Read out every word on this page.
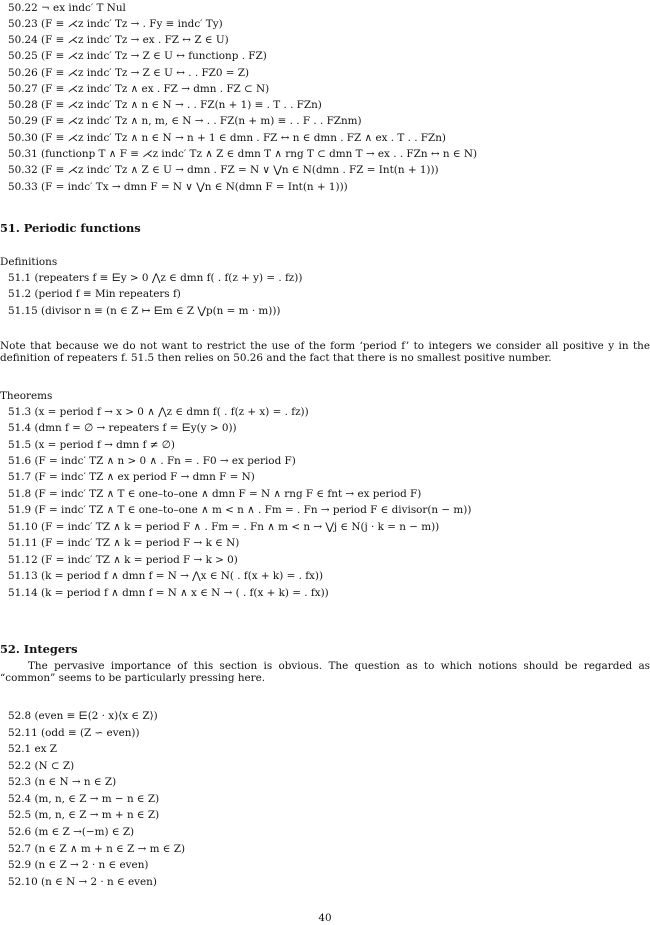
50.22 ¬ ex indc′ T Nul
50.23 (F ≡ ⋌z indc′ Tz → . Fy ≡ indc′ Ty)
50.24 (F ≡ ⋌z indc′ Tz → ex . FZ ↔ Z ∈ U)
50.25 (F ≡ ⋌z indc′ Tz → Z ∈ U ↔ functionp . FZ)
50.26 (F ≡ ⋌z indc′ Tz → Z ∈ U ↔ . . FZ0 = Z)
50.27 (F ≡ ⋌z indc′ Tz ∧ ex . FZ → dmn . FZ ⊂ N)
50.28 (F ≡ ⋌z indc′ Tz ∧ n ∈ N → . . FZ(n + 1) ≡ . T . . FZn)
50.29 (F ≡ ⋌z indc′ Tz ∧ n, m, ∈ N → . . FZ(n + m) ≡ . . F . . FZnm)
50.30 (F ≡ ⋌z indc′ Tz ∧ n ∈ N → n + 1 ∈ dmn . FZ ↔ n ∈ dmn . FZ ∧ ex . T . . FZn)
50.31 (functionp T ∧ F ≡ ⋌z indc′ Tz ∧ Z ∈ dmn T ∧ rng T ⊂ dmn T → ex . . FZn ↔ n ∈ N)
50.32 (F ≡ ⋌z indc′ Tz ∧ Z ∈ U → dmn . FZ = N ∨ ⋁n ∈ N(dmn . FZ = Int(n + 1)))
50.33 (F = indc′ Tx → dmn F = N ∨ ⋁n ∈ N(dmn F = Int(n + 1)))
51. Periodic functions
Definitions
51.1 (repeaters f ≡ ⋿y > 0 ⋀z ∈ dmn f( . f(z + y) = . fz))
51.2 (period f ≡ Min repeaters f)
51.15 (divisor n ≡ (n ∈ Z ↦ ⋿m ∈ Z ⋁p(n = m · m)))
Note that because we do not want to restrict the use of the form ‘period f’ to integers we consider all positive y in the definition of repeaters f. 51.5 then relies on 50.26 and the fact that there is no smallest positive number.
Theorems
51.3 (x = period f → x > 0 ∧ ⋀z ∈ dmn f( . f(z + x) = . fz))
51.4 (dmn f = ∅ → repeaters f = ⋿y(y > 0))
51.5 (x = period f → dmn f ≠ ∅)
51.6 (F = indc′ TZ ∧ n > 0 ∧ . Fn = . F0 → ex period F)
51.7 (F = indc′ TZ ∧ ex period F → dmn F = N)
51.8 (F = indc′ TZ ∧ T ∈ one–to–one ∧ dmn F = N ∧ rng F ∈ fnt → ex period F)
51.9 (F = indc′ TZ ∧ T ∈ one–to–one ∧ m < n ∧ . Fm = . Fn → period F ∈ divisor(n − m))
51.10 (F = indc′ TZ ∧ k = period F ∧ . Fm = . Fn ∧ m < n → ⋁j ∈ N(j · k = n − m))
51.11 (F = indc′ TZ ∧ k = period F → k ∈ N)
51.12 (F = indc′ TZ ∧ k = period F → k > 0)
51.13 (k = period f ∧ dmn f = N → ⋀x ∈ N( . f(x + k) = . fx))
51.14 (k = period f ∧ dmn f = N ∧ x ∈ N → ( . f(x + k) = . fx))
52. Integers
The pervasive importance of this section is obvious. The question as to which notions should be regarded as “common” seems to be particularly pressing here.
52.8 (even ≡ ⋿(2 · x)⟨x ∈ Z⟩)
52.11 (odd ≡ (Z ∽ even))
52.1 ex Z
52.2 (N ⊂ Z)
52.3 (n ∈ N → n ∈ Z)
52.4 (m, n, ∈ Z → m − n ∈ Z)
52.5 (m, n, ∈ Z → m + n ∈ Z)
52.6 (m ∈ Z →(−m) ∈ Z)
52.7 (n ∈ Z ∧ m + n ∈ Z → m ∈ Z)
52.9 (n ∈ Z → 2 · n ∈ even)
52.10 (n ∈ N → 2 · n ∈ even)
40
